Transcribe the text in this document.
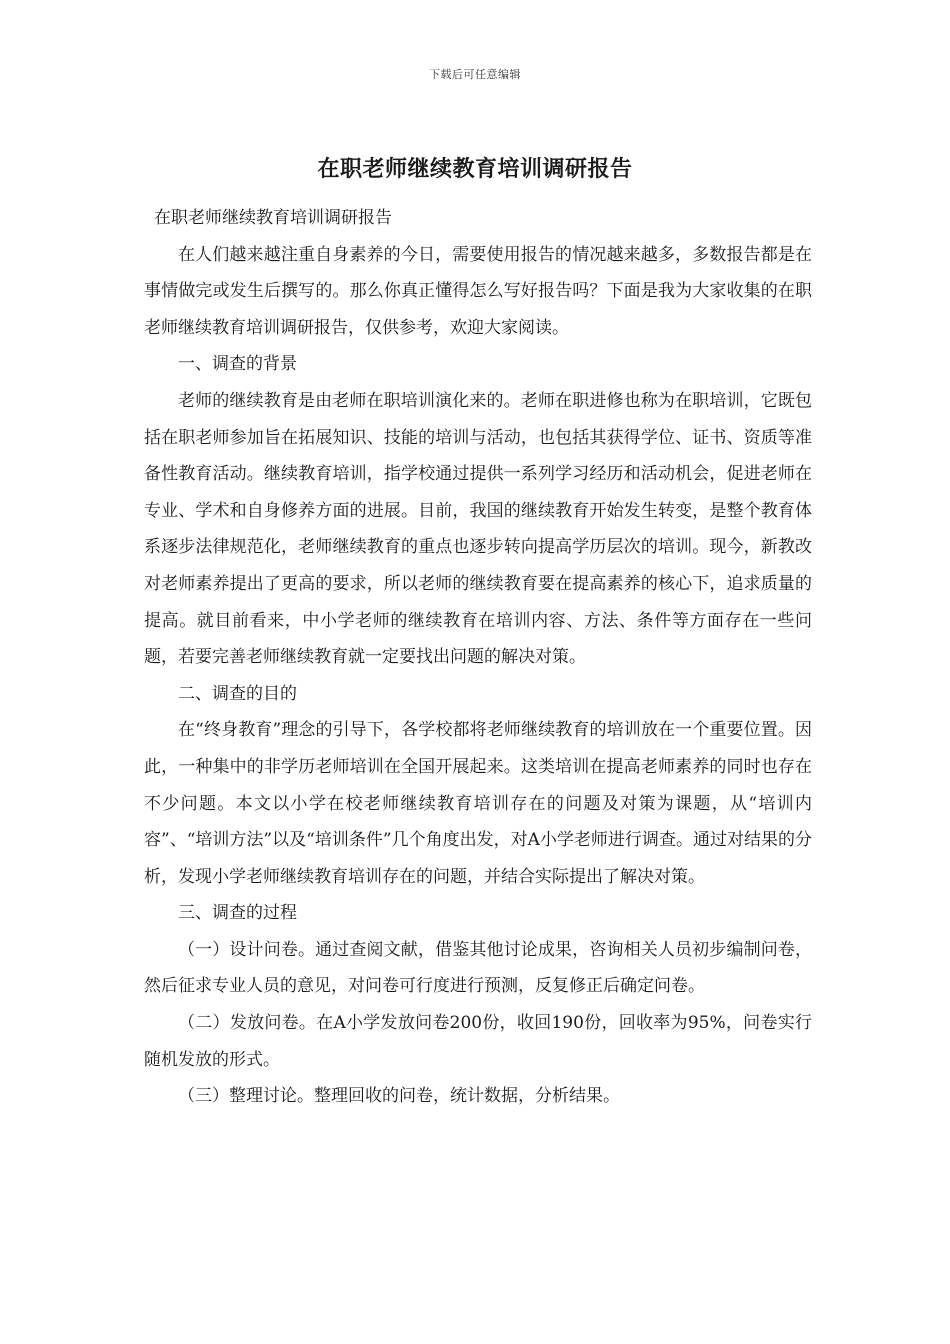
下载后可任意编辑
在职老师继续教育培训调研报告

在职老师继续教育培训调研报告

在人们越来越注重自身素养的今日，需要使用报告的情况越来越多，多数报告都是在事情做完或发生后撰写的。那么你真正懂得怎么写好报告吗？下面是我为大家收集的在职老师继续教育培训调研报告，仅供参考，欢迎大家阅读。

一、调查的背景

老师的继续教育是由老师在职培训演化来的。老师在职进修也称为在职培训，它既包括在职老师参加旨在拓展知识、技能的培训与活动，也包括其获得学位、证书、资质等准备性教育活动。继续教育培训，指学校通过提供一系列学习经历和活动机会，促进老师在专业、学术和自身修养方面的进展。目前，我国的继续教育开始发生转变，是整个教育体系逐步法律规范化，老师继续教育的重点也逐步转向提高学历层次的培训。现今，新教改对老师素养提出了更高的要求，所以老师的继续教育要在提高素养的核心下，追求质量的提高。就目前看来，中小学老师的继续教育在培训内容、方法、条件等方面存在一些问题，若要完善老师继续教育就一定要找出问题的解决对策。

二、调查的目的

在“终身教育”理念的引导下，各学校都将老师继续教育的培训放在一个重要位置。因此，一种集中的非学历老师培训在全国开展起来。这类培训在提高老师素养的同时也存在不少问题。本文以小学在校老师继续教育培训存在的问题及对策为课题，从“培训内容”、“培训方法”以及“培训条件”几个角度出发，对A小学老师进行调查。通过对结果的分析，发现小学老师继续教育培训存在的问题，并结合实际提出了解决对策。

三、调查的过程

（一）设计问卷。通过查阅文献，借鉴其他讨论成果，咨询相关人员初步编制问卷，然后征求专业人员的意见，对问卷可行度进行预测，反复修正后确定问卷。

（二）发放问卷。在A小学发放问卷200份，收回190份，回收率为95%，问卷实行随机发放的形式。

（三）整理讨论。整理回收的问卷，统计数据，分析结果。
